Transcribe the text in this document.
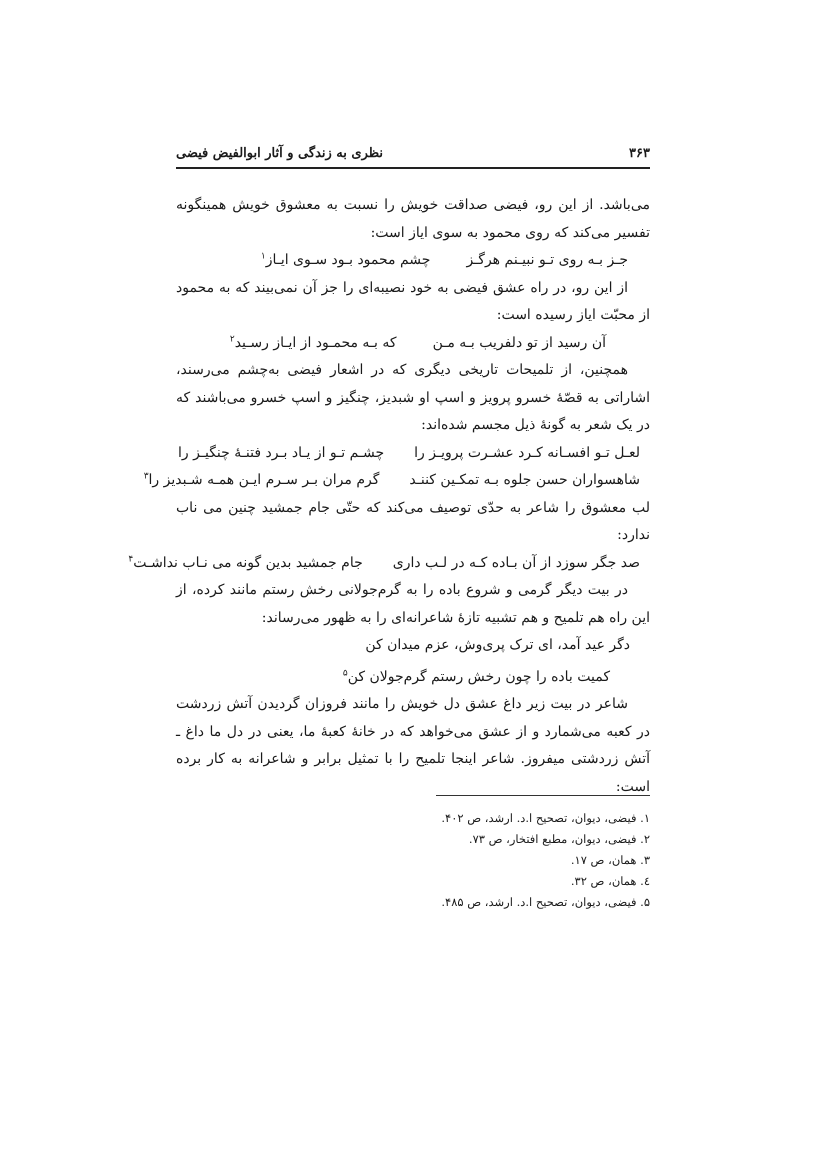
۳۶۳
نظری به زندگی و آثار ابوالفیض فیضی

می‌باشد. از این رو، فیضی صداقت خویش را نسبت به معشوق خویش همینگونه تفسیر می‌کند که روی محمود به سوی ایاز است:

جـز بـه روی تـو نبیـنم هرگـز
چشم محمود بـود سـوی ایـاز$^۱$

از این رو، در راه عشق فیضی به خود نصیبه‌ای را جز آن نمی‌بیند که به محمود از محبّت ایاز رسیده است:

آن رسید از تو دلفریب بـه مـن
که بـه محمـود از ایـاز رسـید$^۲$

همچنین، از تلمیحات تاریخی دیگری که در اشعار فیضی به‌چشم می‌رسند، اشاراتی به قصّهٔ خسرو پرویز و اسپ او شبدیز، چنگیز و اسپ خسرو می‌باشند که در یک شعر به گونهٔ ذیل مجسم شده‌اند:

لعـل تـو افسـانه کـرد عشـرت پرویـز را
چشـم تـو از یـاد بـرد فتنـهٔ چنگیـز را
شاهسواران حسن جلوه بـه تمکـین کننـد
گرم مران بـر سـرم ایـن همـه شـبدیز را$^۳$

لب معشوق را شاعر به حدّی توصیف می‌کند که حتّی جام جمشید چنین می ناب ندارد:

صد جگر سوزد از آن بـاده کـه در لـب داری
جام جمشید بدین گونه می نـاب نداشـت$^۴$

در بیت دیگر گرمی و شروع باده را به گرم‌جولانی رخش رستم مانند کرده، از این راه هم تلمیح و هم تشبیه تازهٔ شاعرانه‌ای را به ظهور می‌رساند:

دگر عید آمد، ای ترک پری‌وش، عزم میدان کن
کمیت باده را چون رخش رستم گرم‌جولان کن$^۵$

شاعر در بیت زیر داغ عشق دل خویش را مانند فروزان گردیدن آتش زردشت در کعبه می‌شمارد و از عشق می‌خواهد که در خانهٔ کعبهٔ ما، یعنی در دل ما داغ ـ آتش زردشتی میفروز. شاعر اینجا تلمیح را با تمثیل برابر و شاعرانه به کار برده است:

۱. فیضی، دیوان، تصحیح ا.د. ارشد، ص ۴۰۲.
۲. فیضی، دیوان، مطبع افتخار، ص ۷۳.
۳. همان، ص ۱۷.
٤. همان، ص ۳۲.
۵. فیضی، دیوان، تصحیح ا.د. ارشد، ص ۴۸۵.
